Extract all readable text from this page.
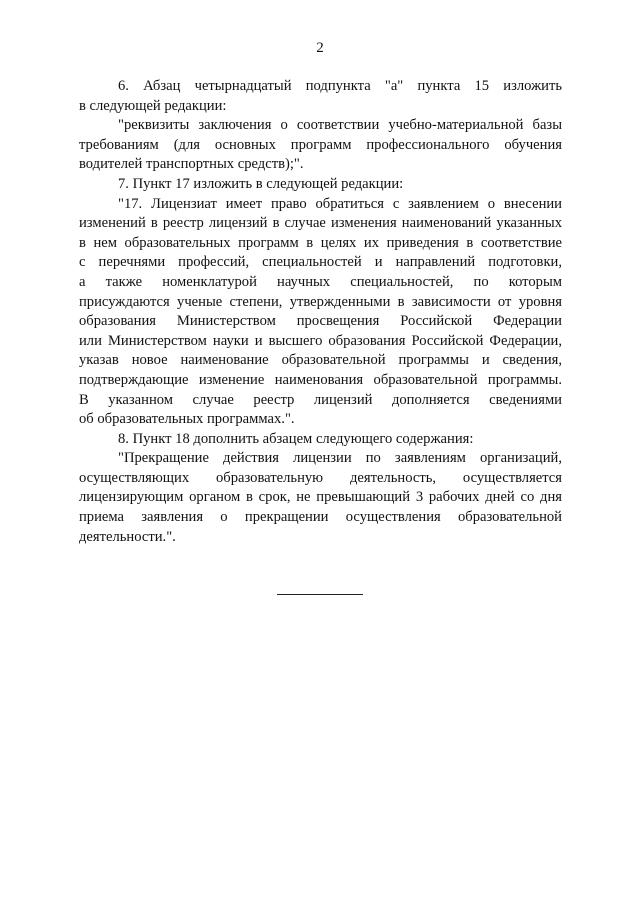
2
6. Абзац четырнадцатый подпункта "а" пункта 15 изложить
в следующей редакции:
"реквизиты заключения о соответствии учебно-материальной базы
требованиям (для основных программ профессионального обучения
водителей транспортных средств);".
7. Пункт 17 изложить в следующей редакции:
"17. Лицензиат имеет право обратиться с заявлением о внесении
изменений в реестр лицензий в случае изменения наименований указанных
в нем образовательных программ в целях их приведения в соответствие
с перечнями профессий, специальностей и направлений подготовки,
а также номенклатурой научных специальностей, по которым
присуждаются ученые степени, утвержденными в зависимости от уровня
образования Министерством просвещения Российской Федерации
или Министерством науки и высшего образования Российской Федерации,
указав новое наименование образовательной программы и сведения,
подтверждающие изменение наименования образовательной программы.
В указанном случае реестр лицензий дополняется сведениями
об образовательных программах.".
8. Пункт 18 дополнить абзацем следующего содержания:
"Прекращение действия лицензии по заявлениям организаций,
осуществляющих образовательную деятельность, осуществляется
лицензирующим органом в срок, не превышающий 3 рабочих дней со дня
приема заявления о прекращении осуществления образовательной
деятельности.".
